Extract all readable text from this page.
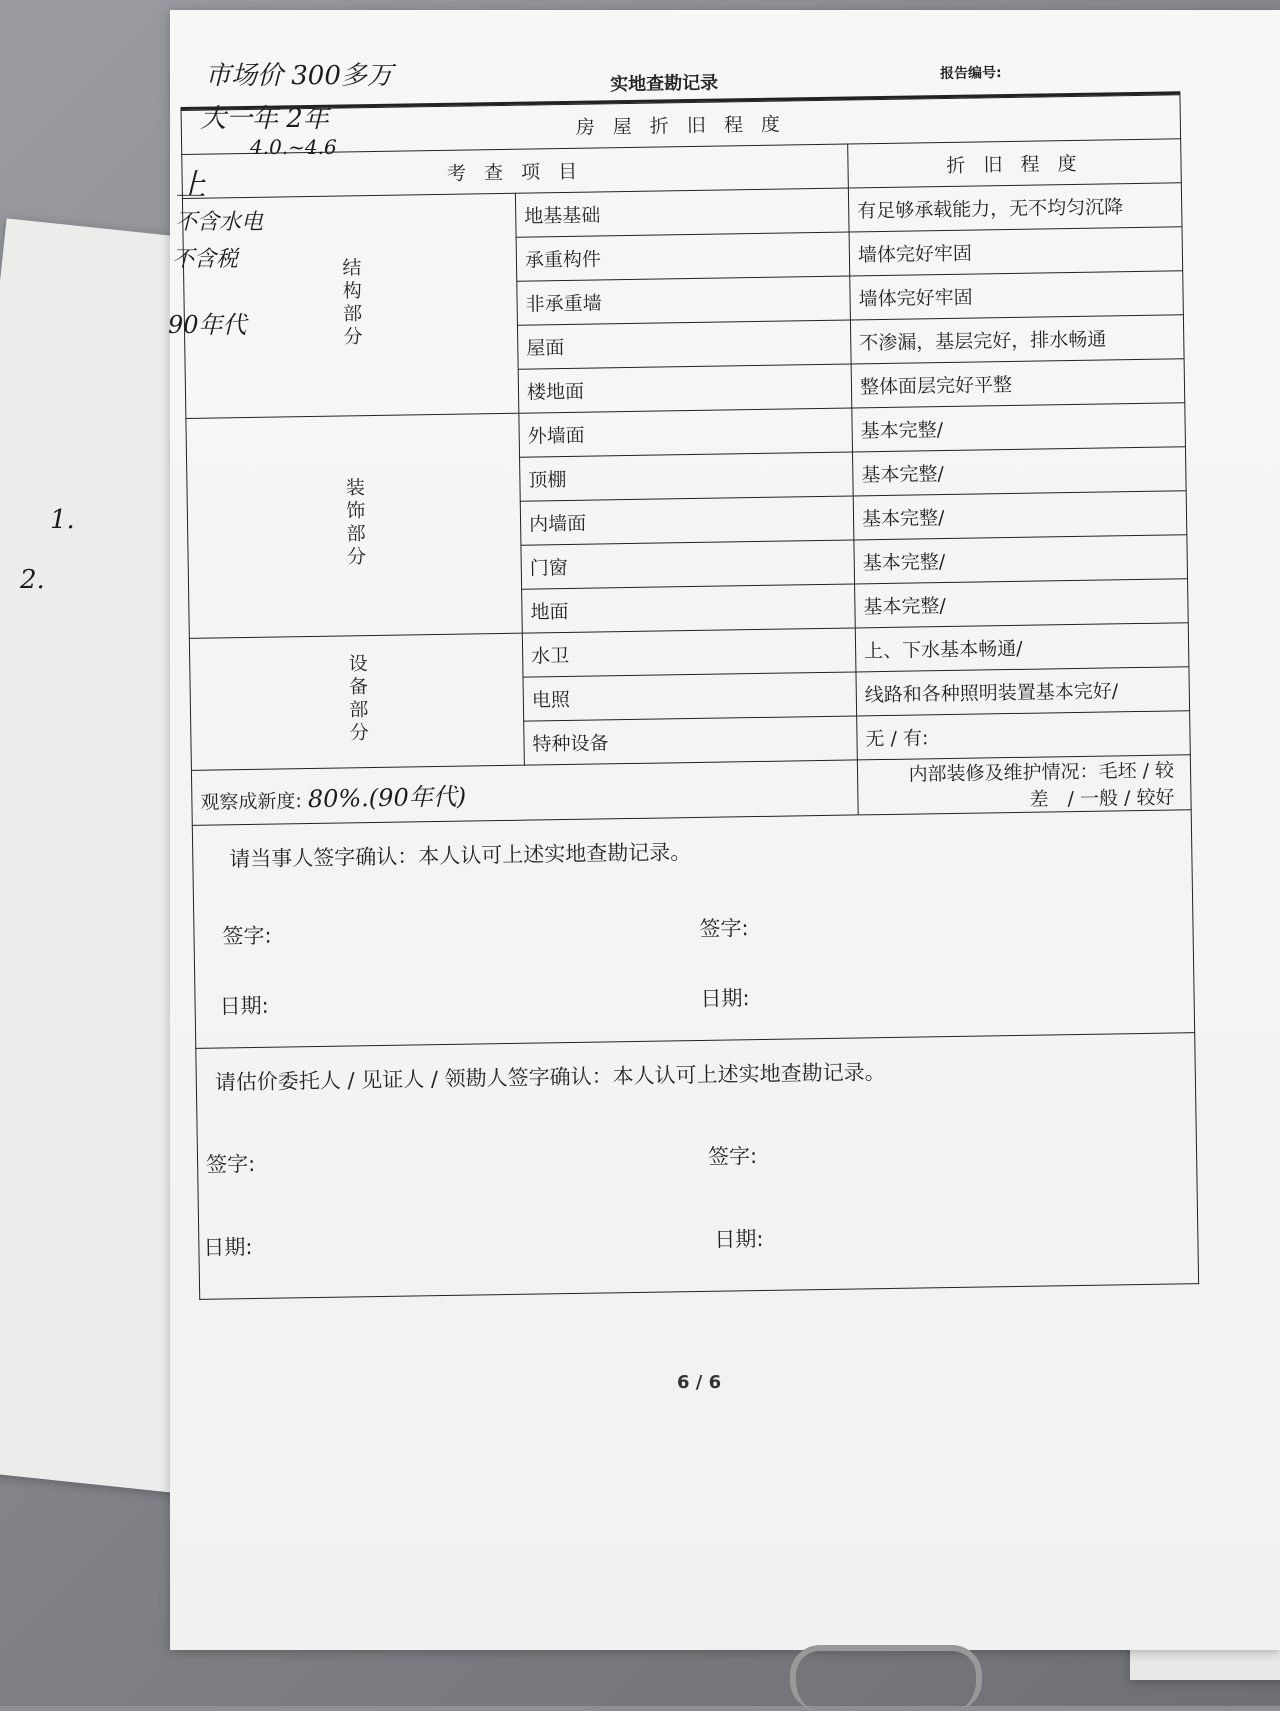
市场价 300多万
大一年 2年
4.0.~4.6
上
不含水电
不含税
90年代
1.
2.
实地查勘记录	报告编号:
房 屋 折 旧 程 度		
考 查 项 目		折 旧 程 度
结构部分	地基基础	有足够承载能力，无不均匀沉降
	承重构件	墙体完好牢固
	非承重墙	墙体完好牢固
	屋面	不渗漏，基层完好，排水畅通
	楼地面	整体面层完好平整
装饰部分	外墙面	基本完整/
	顶棚	基本完整/
	内墙面	基本完整/
	门窗	基本完整/
	地面	基本完整/
设备部分	水卫	上、下水基本畅通/
	电照	线路和各种照明装置基本完好/
	特种设备	无 / 有:
观察成新度: 80%.(90年代)		内部装修及维护情况：毛坯 / 较差　/ 一般 / 较好
请当事人签字确认：本人认可上述实地查勘记录。
签字:	签字:
日期:	日期:
请估价委托人 / 见证人 / 领勘人签字确认：本人认可上述实地查勘记录。
签字:	签字:
日期:	日期:
6 / 6
